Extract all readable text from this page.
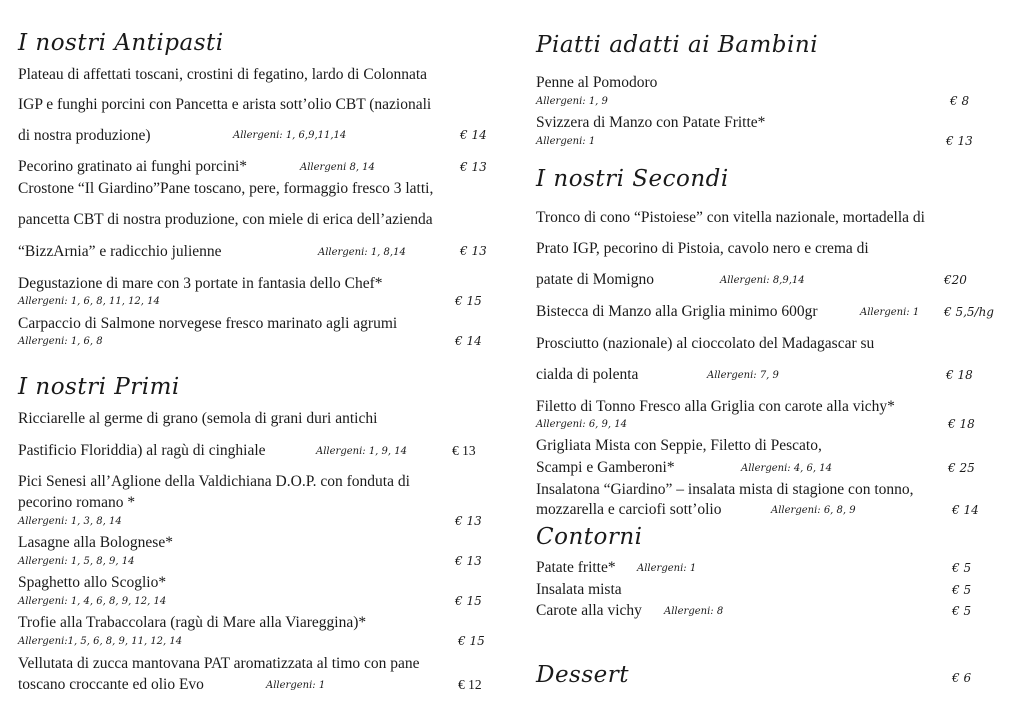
I nostri Antipasti
Plateau di affettati toscani, crostini di fegatino, lardo di Colonnata
IGP e funghi porcini con Pancetta e arista sott’olio CBT (nazionali
di nostra produzione)	Allergeni: 1, 6,9,11,14	€ 14
Pecorino gratinato ai funghi porcini*	Allergeni 8, 14	€ 13
Crostone “Il Giardino”Pane toscano, pere, formaggio fresco 3 latti,
pancetta CBT di nostra produzione, con miele di erica dell’azienda
“BizzArnia” e radicchio julienne	Allergeni: 1, 8,14	€ 13
Degustazione di mare con 3 portate in fantasia dello Chef*
Allergeni: 1, 6, 8, 11, 12, 14	€ 15
Carpaccio di Salmone norvegese fresco marinato agli agrumi
Allergeni: 1, 6, 8	€ 14
I nostri Primi
Ricciarelle al germe di grano (semola di grani duri antichi
Pastificio Floriddia) al ragù di cinghiale	Allergeni: 1, 9, 14	€ 13
Pici Senesi all’Aglione della Valdichiana D.O.P. con fonduta di
pecorino romano *
Allergeni: 1, 3, 8, 14	€ 13
Lasagne alla Bolognese*
Allergeni: 1, 5, 8, 9, 14	€ 13
Spaghetto allo Scoglio*
Allergeni: 1, 4, 6, 8, 9, 12, 14	€ 15
Trofie alla Trabaccolara (ragù di Mare alla Viareggina)*
Allergeni:1, 5, 6, 8, 9, 11, 12, 14	€ 15
Vellutata di zucca mantovana PAT aromatizzata al timo con pane
toscano croccante ed olio Evo	Allergeni: 1	€ 12
Piatti adatti ai Bambini
Penne al Pomodoro
Allergeni: 1, 9	€ 8
Svizzera di Manzo con Patate Fritte*
Allergeni: 1	€ 13
I nostri Secondi
Tronco di cono “Pistoiese” con vitella nazionale, mortadella di
Prato IGP, pecorino di Pistoia, cavolo nero e crema di
patate di Momigno	Allergeni: 8,9,14	€20
Bistecca di Manzo alla Griglia minimo 600gr	Allergeni: 1 € 5,5/hg
Prosciutto (nazionale) al cioccolato del Madagascar su
cialda di polenta	Allergeni: 7, 9	€ 18
Filetto di Tonno Fresco alla Griglia con carote alla vichy*
Allergeni: 6, 9, 14	€ 18
Grigliata Mista con Seppie, Filetto di Pescato,
Scampi e Gamberoni*	Allergeni: 4, 6, 14	€ 25
Insalatona “Giardino” – insalata mista di stagione con tonno,
mozzarella e carciofi sott’olio	Allergeni: 6, 8, 9	€ 14
Contorni
Patate fritte* Allergeni: 1	€ 5
Insalata mista	€ 5
Carote alla vichy Allergeni: 8	€ 5
Dessert	€ 6
